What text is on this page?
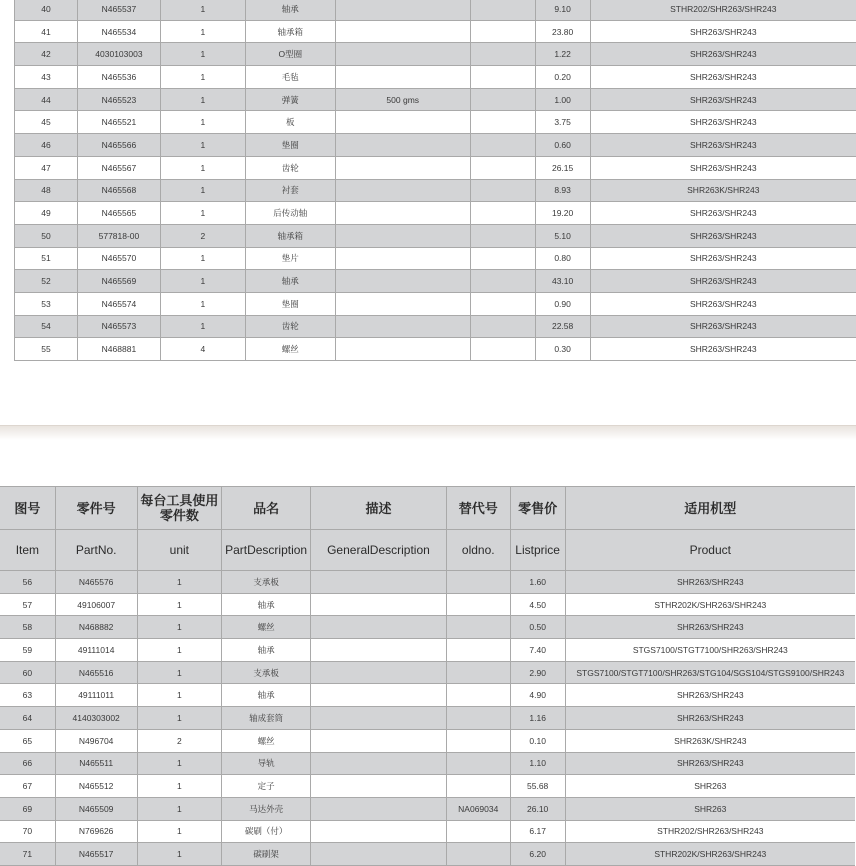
40	N465537	1	轴承			9.10	STHR202/SHR263/SHR243
41	N465534	1	轴承箱			23.80	SHR263/SHR243
42	4030103003	1	O型圈			1.22	SHR263/SHR243
43	N465536	1	毛毡			0.20	SHR263/SHR243
44	N465523	1	弹簧	500 gms		1.00	SHR263/SHR243
45	N465521	1	板			3.75	SHR263/SHR243
46	N465566	1	垫圈			0.60	SHR263/SHR243
47	N465567	1	齿轮			26.15	SHR263/SHR243
48	N465568	1	衬套			8.93	SHR263K/SHR243
49	N465565	1	后传动轴			19.20	SHR263/SHR243
50	577818-00	2	轴承箱			5.10	SHR263/SHR243
51	N465570	1	垫片			0.80	SHR263/SHR243
52	N465569	1	轴承			43.10	SHR263/SHR243
53	N465574	1	垫圈			0.90	SHR263/SHR243
54	N465573	1	齿轮			22.58	SHR263/SHR243
55	N468881	4	螺丝			0.30	SHR263/SHR243
图号	零件号	每台工具使用零件数	品名	描述	替代号	零售价	适用机型
Item	PartNo.	unit	PartDescription	GeneralDescription	oldno.	Listprice	Product
56	N465576	1	支承板			1.60	SHR263/SHR243
57	49106007	1	轴承			4.50	STHR202K/SHR263/SHR243
58	N468882	1	螺丝			0.50	SHR263/SHR243
59	49111014	1	轴承			7.40	STGS7100/STGT7100/SHR263/SHR243
60	N465516	1	支承板			2.90	STGS7100/STGT7100/SHR263/STG104/SGS104/STGS9100/SHR243
63	49111011	1	轴承			4.90	SHR263/SHR243
64	4140303002	1	轴成套筒			1.16	SHR263/SHR243
65	N496704	2	螺丝			0.10	SHR263K/SHR243
66	N465511	1	导轨			1.10	SHR263/SHR243
67	N465512	1	定子			55.68	SHR263
69	N465509	1	马达外壳		NA069034	26.10	SHR263
70	N769626	1	碳刷（付）			6.17	STHR202/SHR263/SHR243
71	N465517	1	碳刷架			6.20	STHR202K/SHR263/SHR243
